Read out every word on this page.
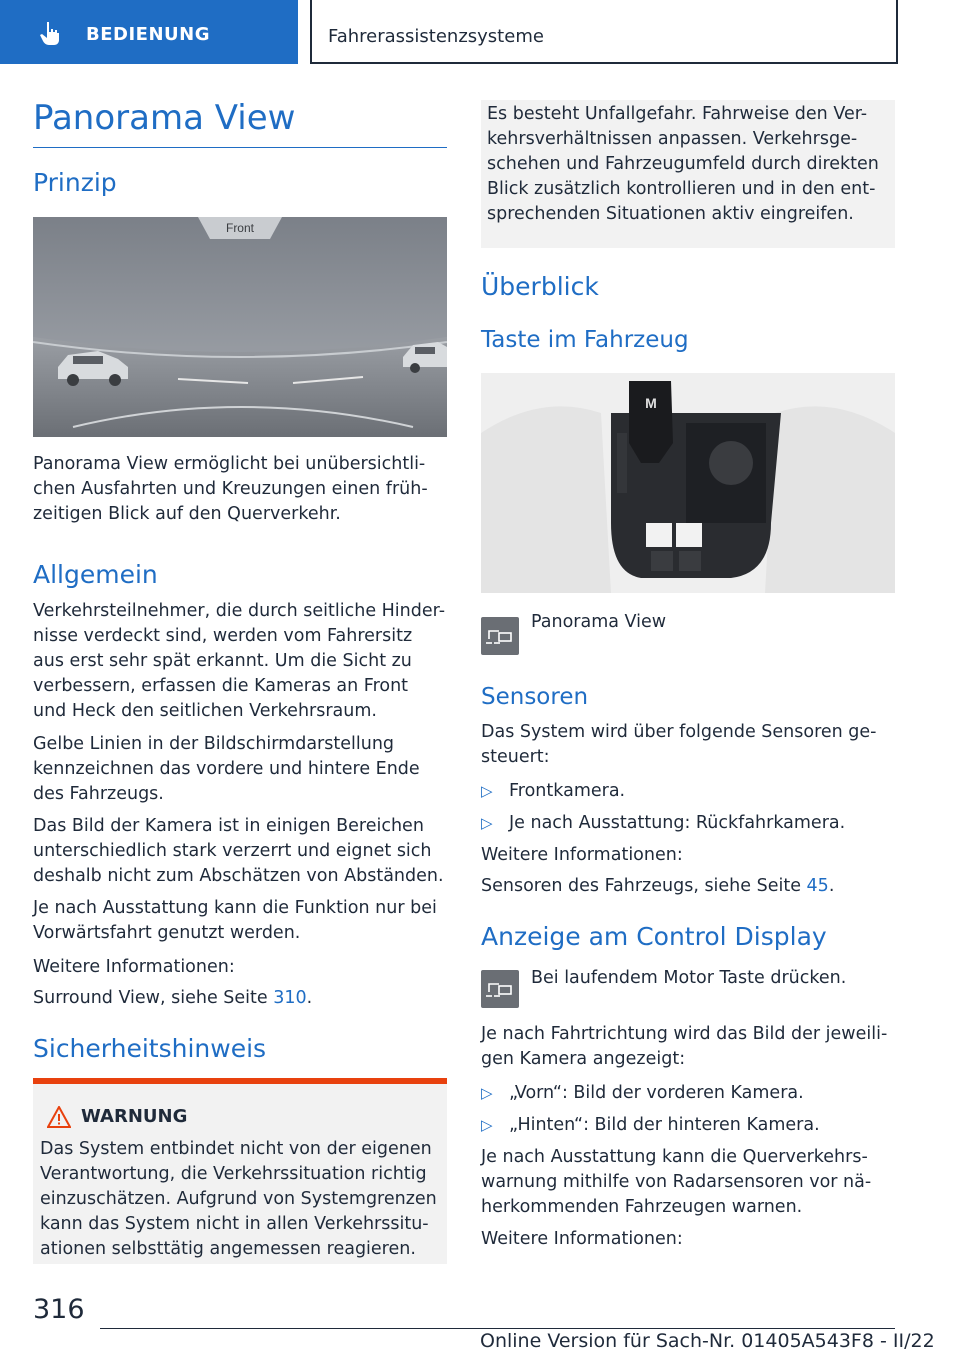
BEDIENUNG	Fahrerassistenzsysteme
Panorama View
Prinzip
Front
Panorama View ermöglicht bei unübersichtli-
chen Ausfahrten und Kreuzungen einen früh-
zeitigen Blick auf den Querverkehr.
Allgemein
Verkehrsteilnehmer, die durch seitliche Hinder-
nisse verdeckt sind, werden vom Fahrersitz
aus erst sehr spät erkannt. Um die Sicht zu
verbessern, erfassen die Kameras an Front
und Heck den seitlichen Verkehrsraum.
Gelbe Linien in der Bildschirmdarstellung
kennzeichnen das vordere und hintere Ende
des Fahrzeugs.
Das Bild der Kamera ist in einigen Bereichen
unterschiedlich stark verzerrt und eignet sich
deshalb nicht zum Abschätzen von Abständen.
Je nach Ausstattung kann die Funktion nur bei
Vorwärtsfahrt genutzt werden.
Weitere Informationen:
Surround View, siehe Seite 310.
Sicherheitshinweis
WARNUNG
Das System entbindet nicht von der eigenen
Verantwortung, die Verkehrssituation richtig
einzuschätzen. Aufgrund von Systemgrenzen
kann das System nicht in allen Verkehrssitu-
ationen selbsttätig angemessen reagieren.
Es besteht Unfallgefahr. Fahrweise den Ver-
kehrsverhältnissen anpassen. Verkehrsge-
schehen und Fahrzeugumfeld durch direkten
Blick zusätzlich kontrollieren und in den ent-
sprechenden Situationen aktiv eingreifen.
Überblick
Taste im Fahrzeug
M
Panorama View
Sensoren
Das System wird über folgende Sensoren ge-
steuert:
▷ Frontkamera.
▷ Je nach Ausstattung: Rückfahrkamera.
Weitere Informationen:
Sensoren des Fahrzeugs, siehe Seite 45.
Anzeige am Control Display
Bei laufendem Motor Taste drücken.
Je nach Fahrtrichtung wird das Bild der jeweili-
gen Kamera angezeigt:
▷ „Vorn“: Bild der vorderen Kamera.
▷ „Hinten“: Bild der hinteren Kamera.
Je nach Ausstattung kann die Querverkehrs-
warnung mithilfe von Radarsensoren vor nä-
herkommenden Fahrzeugen warnen.
Weitere Informationen:
316
Online Version für Sach-Nr. 01405A543F8 - II/22
